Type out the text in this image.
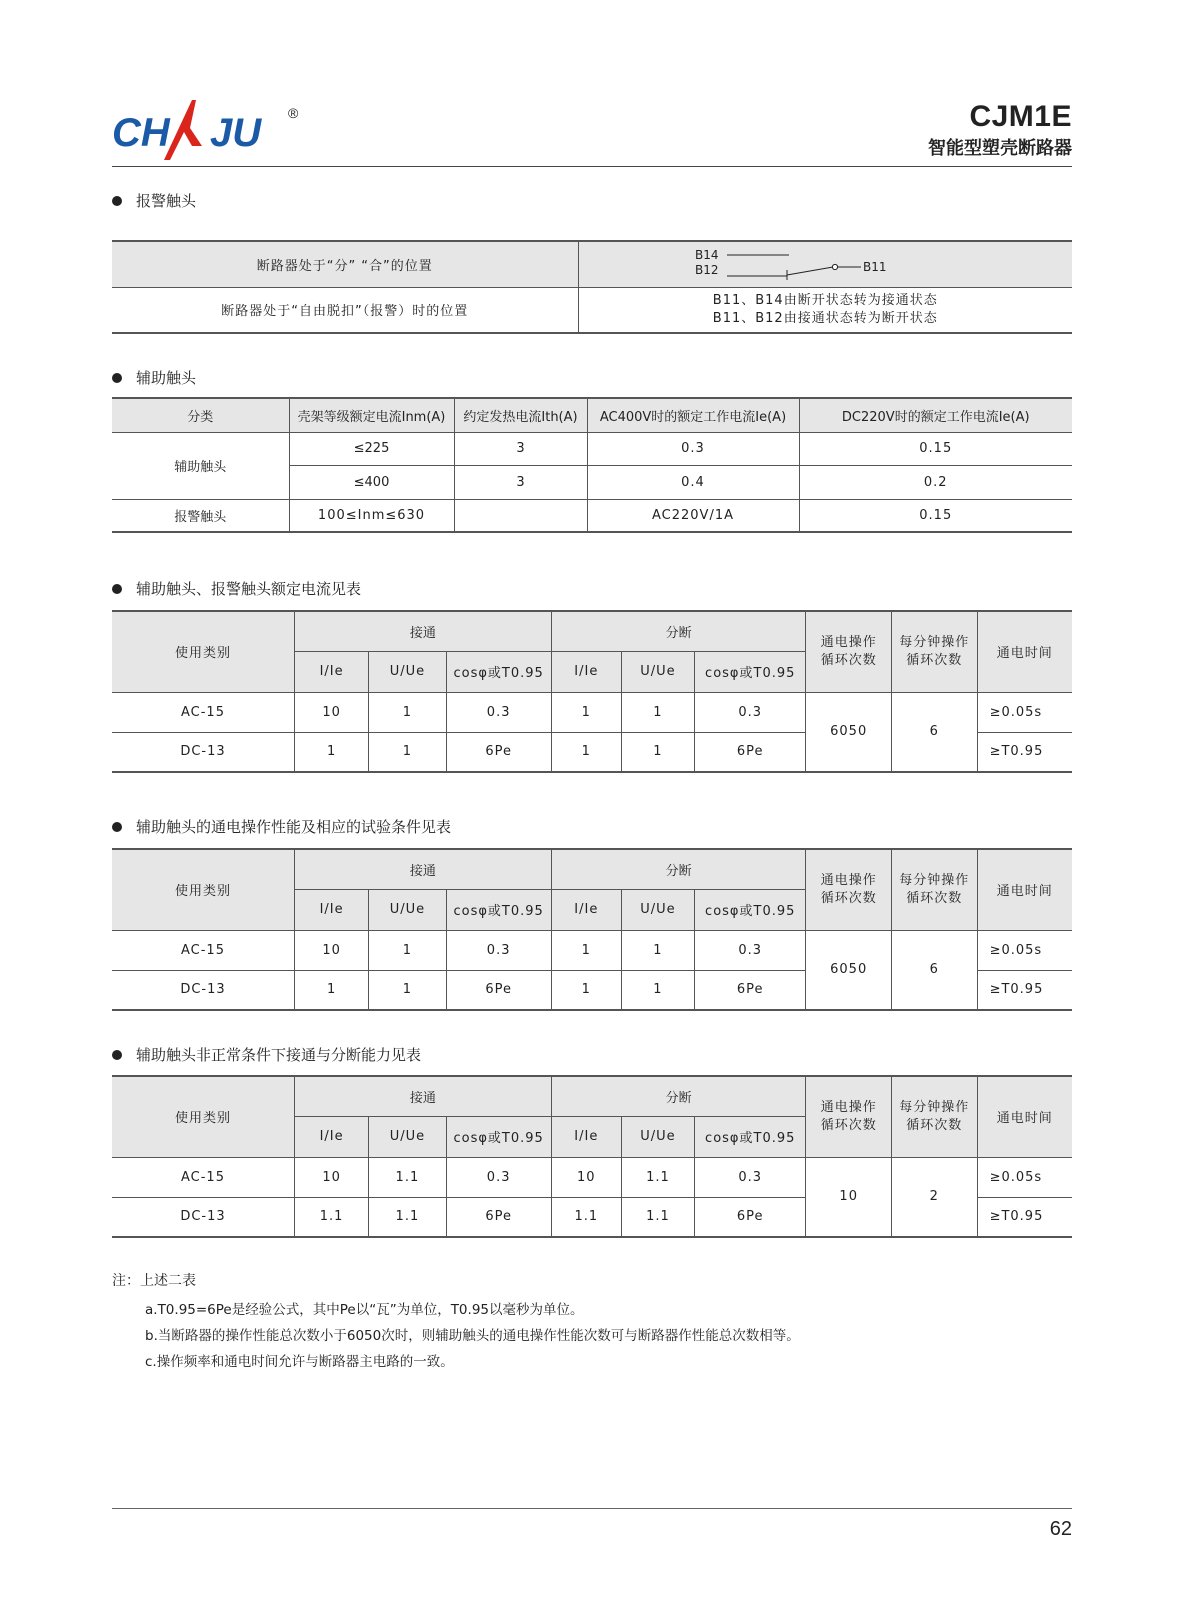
CH JU ®	CJM1E
智能型塑壳断路器
报警触头
断路器处于“分” “合”的位置	B14
B12 B11

断路器处于“自由脱扣”（报警）时的位置	B11、B14由断开状态转为接通状态
B11、B12由接通状态转为断开状态
辅助触头
分类	壳架等级额定电流Inm(A)	约定发热电流Ith(A)	AC400V时的额定工作电流Ie(A)	DC220V时的额定工作电流Ie(A)
辅助触头	≤225	3	0.3	0.15
	≤400	3	0.4	0.2
报警触头	100≤Inm≤630		AC220V/1A	0.15
辅助触头、报警触头额定电流见表
辅助触头的通电操作性能及相应的试验条件见表
辅助触头非正常条件下接通与分断能力见表
使用类别	接通			分断			通电操作循环次数	每分钟操作循环次数	通电时间
	I/Ie	U/Ue	cosφ或T0.95	I/Ie	U/Ue	cosφ或T0.95			
AC-15	10	1	0.3	1	1	0.3	6050	6	≥0.05s
DC-13	1	1	6Pe	1	1	6Pe			≥T0.95
使用类别	接通			分断			通电操作循环次数	每分钟操作循环次数	通电时间
	I/Ie	U/Ue	cosφ或T0.95	I/Ie	U/Ue	cosφ或T0.95			
AC-15	10	1	0.3	1	1	0.3	6050	6	≥0.05s
DC-13	1	1	6Pe	1	1	6Pe			≥T0.95
使用类别	接通			分断			通电操作循环次数	每分钟操作循环次数	通电时间
	I/Ie	U/Ue	cosφ或T0.95	I/Ie	U/Ue	cosφ或T0.95			
AC-15	10	1.1	0.3	10	1.1	0.3	10	2	≥0.05s
DC-13	1.1	1.1	6Pe	1.1	1.1	6Pe			≥T0.95
注：上述二表
a.T0.95=6Pe是经验公式，其中Pe以“瓦”为单位，T0.95以毫秒为单位。
b.当断路器的操作性能总次数小于6050次时，则辅助触头的通电操作性能次数可与断路器作性能总次数相等。
c.操作频率和通电时间允许与断路器主电路的一致。
62
